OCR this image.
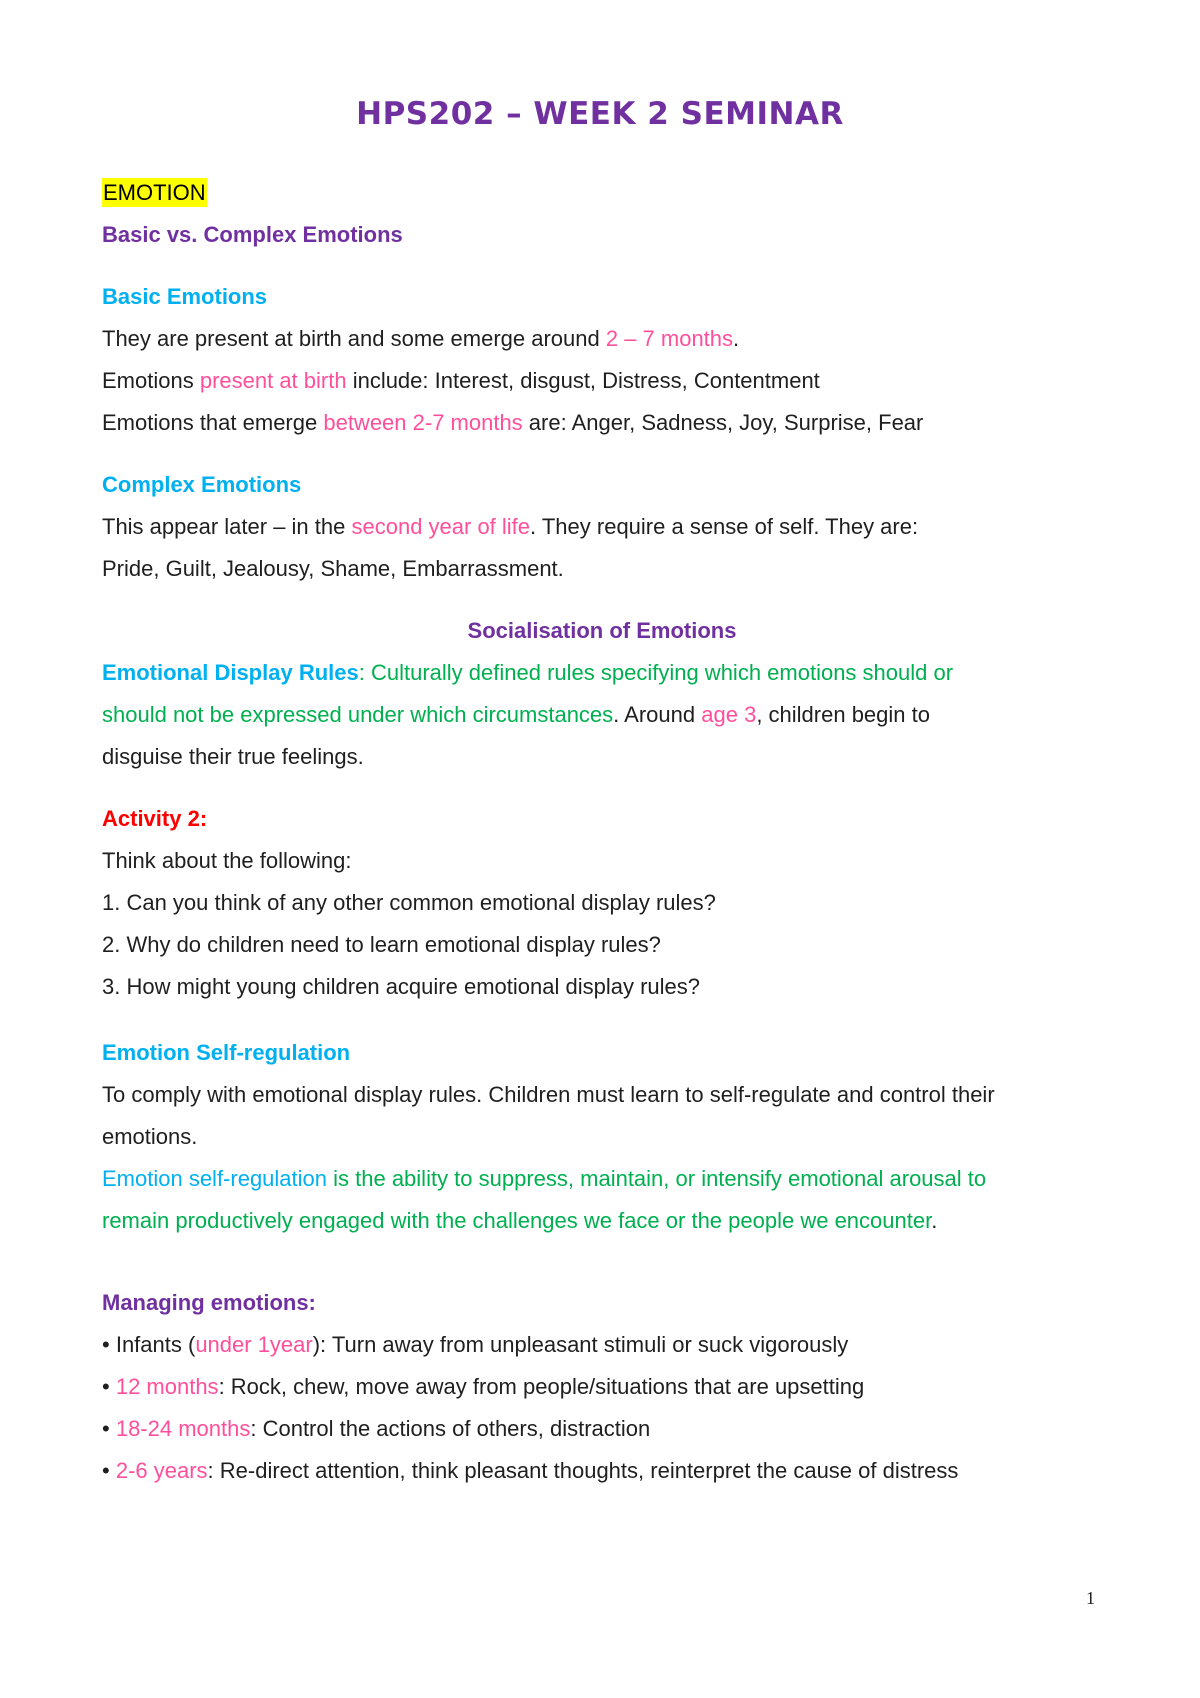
HPS202 – WEEK 2 SEMINAR
EMOTION
Basic vs. Complex Emotions
Basic Emotions
They are present at birth and some emerge around 2 – 7 months.
Emotions present at birth include: Interest, disgust, Distress, Contentment
Emotions that emerge between 2-7 months are: Anger, Sadness, Joy, Surprise, Fear
Complex Emotions
This appear later – in the second year of life. They require a sense of self. They are:
Pride, Guilt, Jealousy, Shame, Embarrassment.
Socialisation of Emotions
Emotional Display Rules: Culturally defined rules specifying which emotions should or
should not be expressed under which circumstances. Around age 3, children begin to
disguise their true feelings.
Activity 2:
Think about the following:
1. Can you think of any other common emotional display rules?
2. Why do children need to learn emotional display rules?
3. How might young children acquire emotional display rules?
Emotion Self-regulation
To comply with emotional display rules. Children must learn to self-regulate and control their
emotions.
Emotion self-regulation is the ability to suppress, maintain, or intensify emotional arousal to
remain productively engaged with the challenges we face or the people we encounter.
Managing emotions:
• Infants (under 1year): Turn away from unpleasant stimuli or suck vigorously
• 12 months: Rock, chew, move away from people/situations that are upsetting
• 18-24 months: Control the actions of others, distraction
• 2-6 years: Re-direct attention, think pleasant thoughts, reinterpret the cause of distress
1
